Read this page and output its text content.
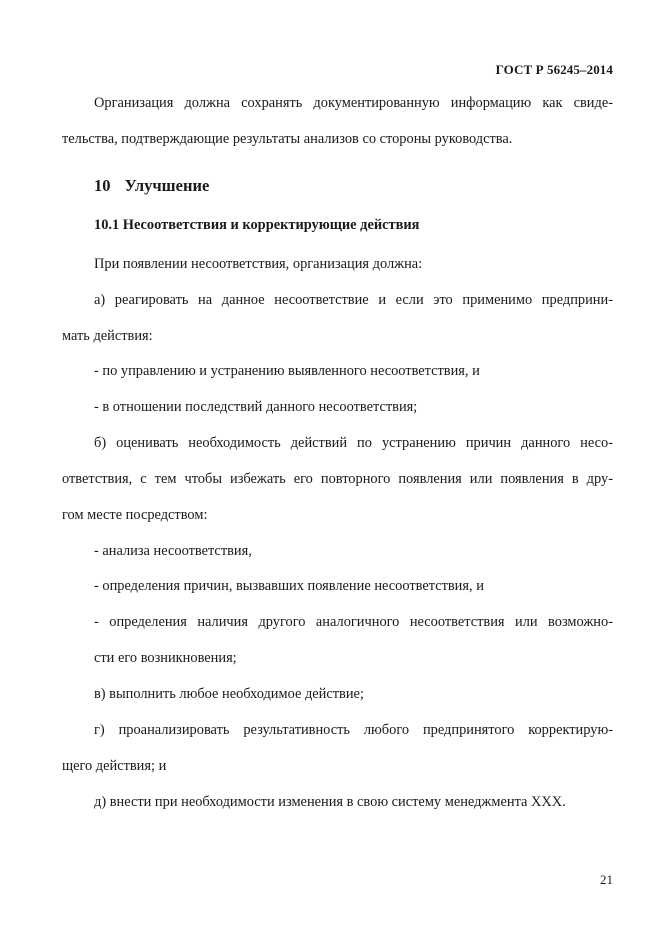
ГОСТ Р 56245–2014
Организация должна сохранять документированную информацию как свиде-
тельства, подтверждающие результаты анализов со стороны руководства.
10 Улучшение
10.1 Несоответствия и корректирующие действия
При появлении несоответствия, организация должна:
а) реагировать на данное несоответствие и если это применимо предприни-
мать действия:
- по управлению и устранению выявленного несоответствия, и
- в отношении последствий данного несоответствия;
б) оценивать необходимость действий по устранению причин данного несо-
ответствия, с тем чтобы избежать его повторного появления или появления в дру-
гом месте посредством:
- анализа несоответствия,
- определения причин, вызвавших появление несоответствия, и
- определения наличия другого аналогичного несоответствия или возможно-
сти его возникновения;
в) выполнить любое необходимое действие;
г) проанализировать результативность любого предпринятого корректирую-
щего действия; и
д) внести при необходимости изменения в свою систему менеджмента ХХХ.
21
